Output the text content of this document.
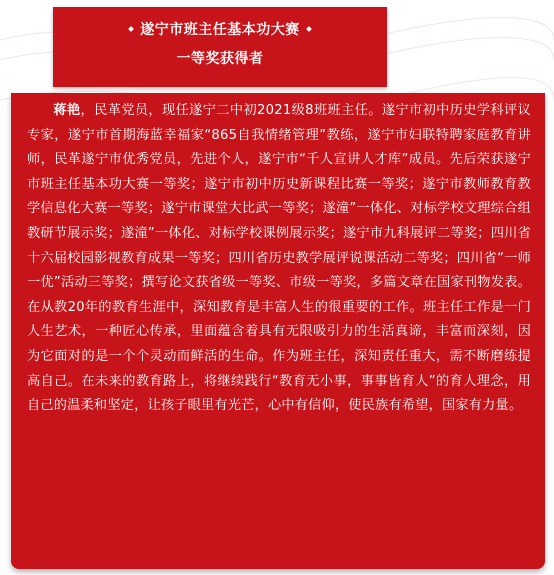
遂宁市班主任基本功大赛
一等奖获得者

蒋艳，民革党员，现任遂宁二中初2021级8班班主任。遂宁市初中历史学科评议专家，遂宁市首期海蓝幸福家“865自我情绪管理”教练，遂宁市妇联特聘家庭教育讲师，民革遂宁市优秀党员，先进个人，遂宁市“千人宣讲人才库”成员。先后荣获遂宁市班主任基本功大赛一等奖；遂宁市初中历史新课程比赛一等奖；遂宁市教师教育教学信息化大赛一等奖；遂宁市课堂大比武一等奖；遂潼”一体化、对标学校文理综合组教研节展示奖；遂潼”一体化、对标学校课例展示奖；遂宁市九科展评二等奖；四川省十六届校园影视教育成果一等奖；四川省历史教学展评说课活动二等奖；四川省“一师一优”活动三等奖；撰写论文获省级一等奖、市级一等奖，多篇文章在国家刊物发表。在从教20年的教育生涯中，深知教育是丰富人生的很重要的工作。班主任工作是一门人生艺术，一种匠心传承，里面蕴含着具有无限吸引力的生活真谛，丰富而深刻，因为它面对的是一个个灵动而鲜活的生命。作为班主任，深知责任重大，需不断磨练提高自己。在未来的教育路上，将继续践行“教育无小事，事事皆育人”的育人理念，用自己的温柔和坚定，让孩子眼里有光芒，心中有信仰，使民族有希望，国家有力量。
